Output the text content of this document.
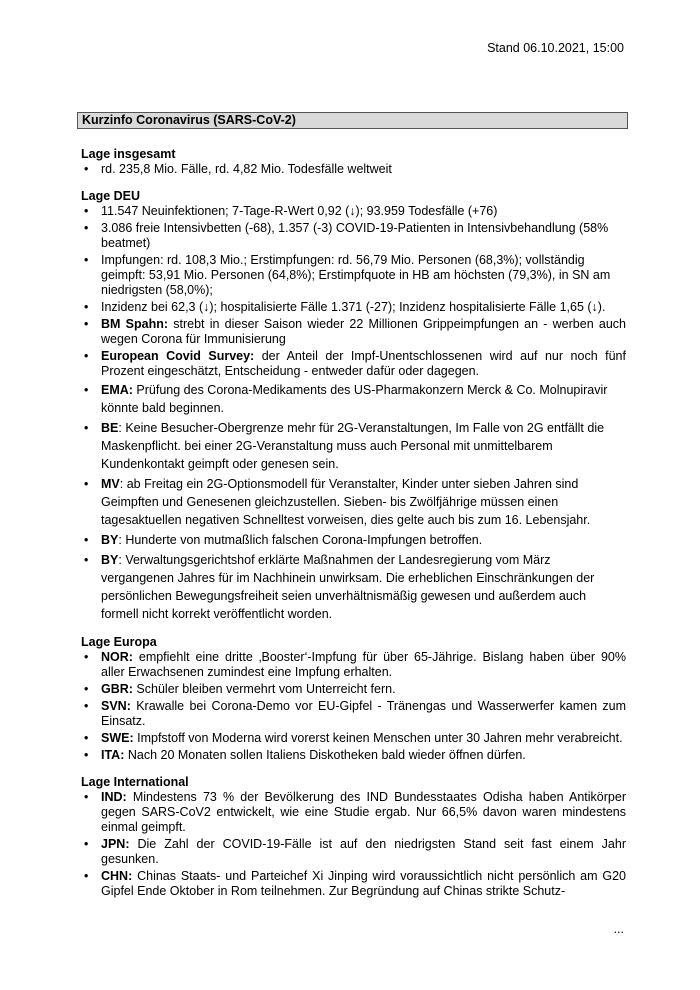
Stand 06.10.2021, 15:00
Kurzinfo Coronavirus (SARS-CoV-2)

Lage insgesamt

• rd. 235,8 Mio. Fälle, rd. 4,82 Mio. Todesfälle weltweit

Lage DEU

• 11.547 Neuinfektionen; 7-Tage-R-Wert 0,92 (↓); 93.959 Todesfälle (+76)
• 3.086 freie Intensivbetten (-68), 1.357 (-3) COVID-19-Patienten in Intensivbehandlung (58% beatmet)
• Impfungen: rd. 108,3 Mio.; Erstimpfungen: rd. 56,79 Mio. Personen (68,3%); vollständig geimpft: 53,91 Mio. Personen (64,8%); Erstimpfquote in HB am höchsten (79,3%), in SN am niedrigsten (58,0%);
• Inzidenz bei 62,3 (↓); hospitalisierte Fälle 1.371 (-27); Inzidenz hospitalisierte Fälle 1,65 (↓).
• BM Spahn: strebt in dieser Saison wieder 22 Millionen Grippeimpfungen an - werben auch wegen Corona für Immunisierung
• European Covid Survey: der Anteil der Impf-Unentschlossenen wird auf nur noch fünf Prozent eingeschätzt, Entscheidung - entweder dafür oder dagegen.
• EMA: Prüfung des Corona-Medikaments des US-Pharmakonzern Merck & Co. Molnupiravir könnte bald beginnen.
• BE: Keine Besucher-Obergrenze mehr für 2G-Veranstaltungen, Im Falle von 2G entfällt die Maskenpflicht. bei einer 2G-Veranstaltung muss auch Personal mit unmittelbarem Kundenkontakt geimpft oder genesen sein.
• MV: ab Freitag ein 2G-Optionsmodell für Veranstalter, Kinder unter sieben Jahren sind Geimpften und Genesenen gleichzustellen. Sieben- bis Zwölfjährige müssen einen tagesaktuellen negativen Schnelltest vorweisen, dies gelte auch bis zum 16. Lebensjahr.
• BY: Hunderte von mutmaßlich falschen Corona-Impfungen betroffen.
• BY: Verwaltungsgerichtshof erklärte Maßnahmen der Landesregierung vom März vergangenen Jahres für im Nachhinein unwirksam. Die erheblichen Einschränkungen der persönlichen Bewegungsfreiheit seien unverhältnismäßig gewesen und außerdem auch formell nicht korrekt veröffentlicht worden.

Lage Europa

• NOR: empfiehlt eine dritte ‚Booster‘-Impfung für über 65-Jährige. Bislang haben über 90% aller Erwachsenen zumindest eine Impfung erhalten.
• GBR: Schüler bleiben vermehrt vom Unterreicht fern.
• SVN: Krawalle bei Corona-Demo vor EU-Gipfel - Tränengas und Wasserwerfer kamen zum Einsatz.
• SWE: Impfstoff von Moderna wird vorerst keinen Menschen unter 30 Jahren mehr verabreicht.
• ITA: Nach 20 Monaten sollen Italiens Diskotheken bald wieder öffnen dürfen.

Lage International

• IND: Mindestens 73 % der Bevölkerung des IND Bundesstaates Odisha haben Antikörper gegen SARS-CoV2 entwickelt, wie eine Studie ergab. Nur 66,5% davon waren mindestens einmal geimpft.
• JPN: Die Zahl der COVID-19-Fälle ist auf den niedrigsten Stand seit fast einem Jahr gesunken.
• CHN: Chinas Staats- und Parteichef Xi Jinping wird voraussichtlich nicht persönlich am G20 Gipfel Ende Oktober in Rom teilnehmen. Zur Begründung auf Chinas strikte Schutz-
...
